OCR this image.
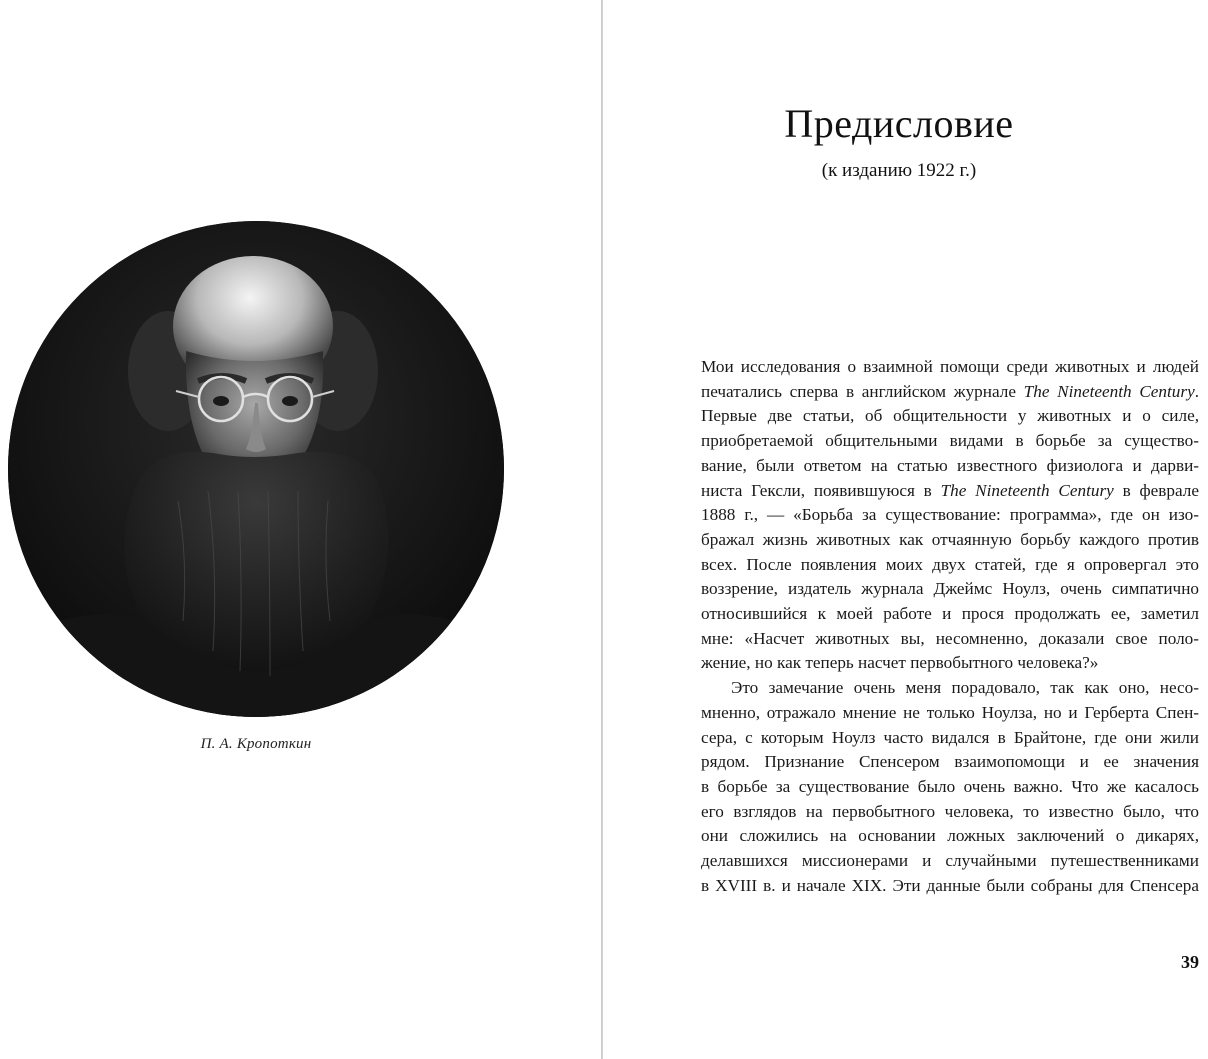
П. А. Кропоткин
Предисловие
(к изданию 1922 г.)
Мои исследования о взаимной помощи среди животных и людей
печатались сперва в английском журнале The Nineteenth Century.
Первые две статьи, об общительности у животных и о силе,
приобретаемой общительными видами в борьбе за существо-
вание, были ответом на статью известного физиолога и дарви-
ниста Гексли, появившуюся в The Nineteenth Century в феврале
1888 г., — «Борьба за существование: программа», где он изо-
бражал жизнь животных как отчаянную борьбу каждого против
всех. После появления моих двух статей, где я опровергал это
воззрение, издатель журнала Джеймс Ноулз, очень симпатично
относившийся к моей работе и прося продолжать ее, заметил
мне: «Насчет животных вы, несомненно, доказали свое поло-
жение, но как теперь насчет первобытного человека?»
Это замечание очень меня порадовало, так как оно, несо-
мненно, отражало мнение не только Ноулза, но и Герберта Спен-
сера, с которым Ноулз часто видался в Брайтоне, где они жили
рядом. Признание Спенсером взаимопомощи и ее значения
в борьбе за существование было очень важно. Что же касалось
его взглядов на первобытного человека, то известно было, что
они сложились на основании ложных заключений о дикарях,
делавшихся миссионерами и случайными путешественниками
в XVIII в. и начале XIX. Эти данные были собраны для Спенсера
39
